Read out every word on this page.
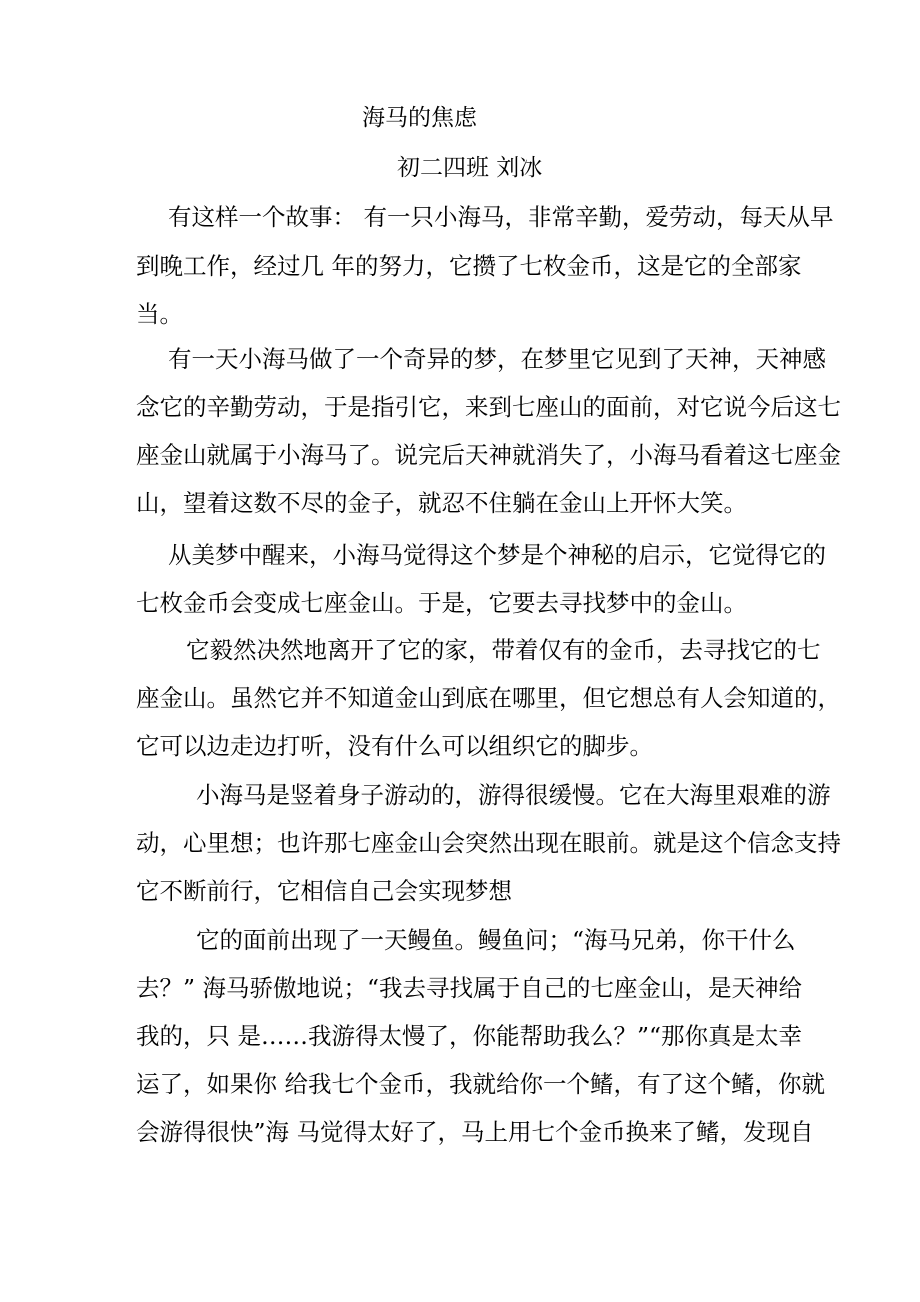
海马的焦虑
初二四班 刘冰

有这样一个故事： 有一只小海马，非常辛勤，爱劳动，每天从早

到晚工作，经过几 年的努力，它攒了七枚金币，这是它的全部家

当。

有一天小海马做了一个奇异的梦，在梦里它见到了天神，天神感

念它的辛勤劳动，于是指引它，来到七座山的面前，对它说今后这七

座金山就属于小海马了。说完后天神就消失了，小海马看着这七座金

山，望着这数不尽的金子，就忍不住躺在金山上开怀大笑。

从美梦中醒来，小海马觉得这个梦是个神秘的启示，它觉得它的

七枚金币会变成七座金山。于是，它要去寻找梦中的金山。

它毅然决然地离开了它的家，带着仅有的金币，去寻找它的七

座金山。虽然它并不知道金山到底在哪里，但它想总有人会知道的，

它可以边走边打听，没有什么可以组织它的脚步。

小海马是竖着身子游动的，游得很缓慢。它在大海里艰难的游

动，心里想；也许那七座金山会突然出现在眼前。就是这个信念支持

它不断前行，它相信自己会实现梦想

它的面前出现了一天鳗鱼。鳗鱼问；“海马兄弟，你干什么

去？” 海马骄傲地说；“我去寻找属于自己的七座金山，是天神给

我的，只 是……我游得太慢了，你能帮助我么？”“那你真是太幸

运了，如果你 给我七个金币，我就给你一个鳍，有了这个鳍，你就

会游得很快”海 马觉得太好了，马上用七个金币换来了鳍，发现自
